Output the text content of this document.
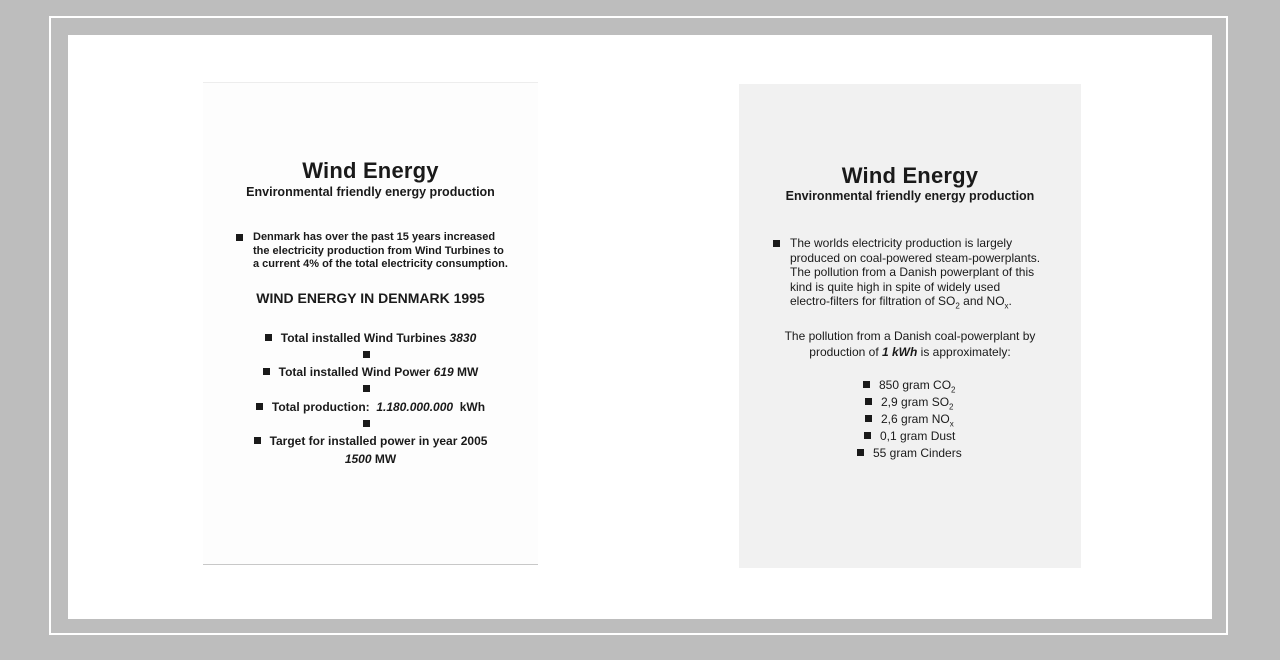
Wind Energy
Environmental friendly energy production
Denmark has over the past 15 years increased
the electricity production from Wind Turbines to
a current 4% of the total electricity consumption.
WIND ENERGY IN DENMARK 1995
Total installed Wind Turbines 3830
Total installed Wind Power 619 MW
Total production: 1.180.000.000 kWh
Target for installed power in year 2005
1500 MW
Wind Energy
Environmental friendly energy production
The worlds electricity production is largely
produced on coal-powered steam-powerplants.
The pollution from a Danish powerplant of this
kind is quite high in spite of widely used
electro-filters for filtration of $SO_2$ and $NO_x$.
The pollution from a Danish coal-powerplant by
production of 1 kWh is approximately:
850 gram $CO_2$
2,9 gram $SO_2$
2,6 gram $NO_x$
0,1 gram Dust
55 gram Cinders
